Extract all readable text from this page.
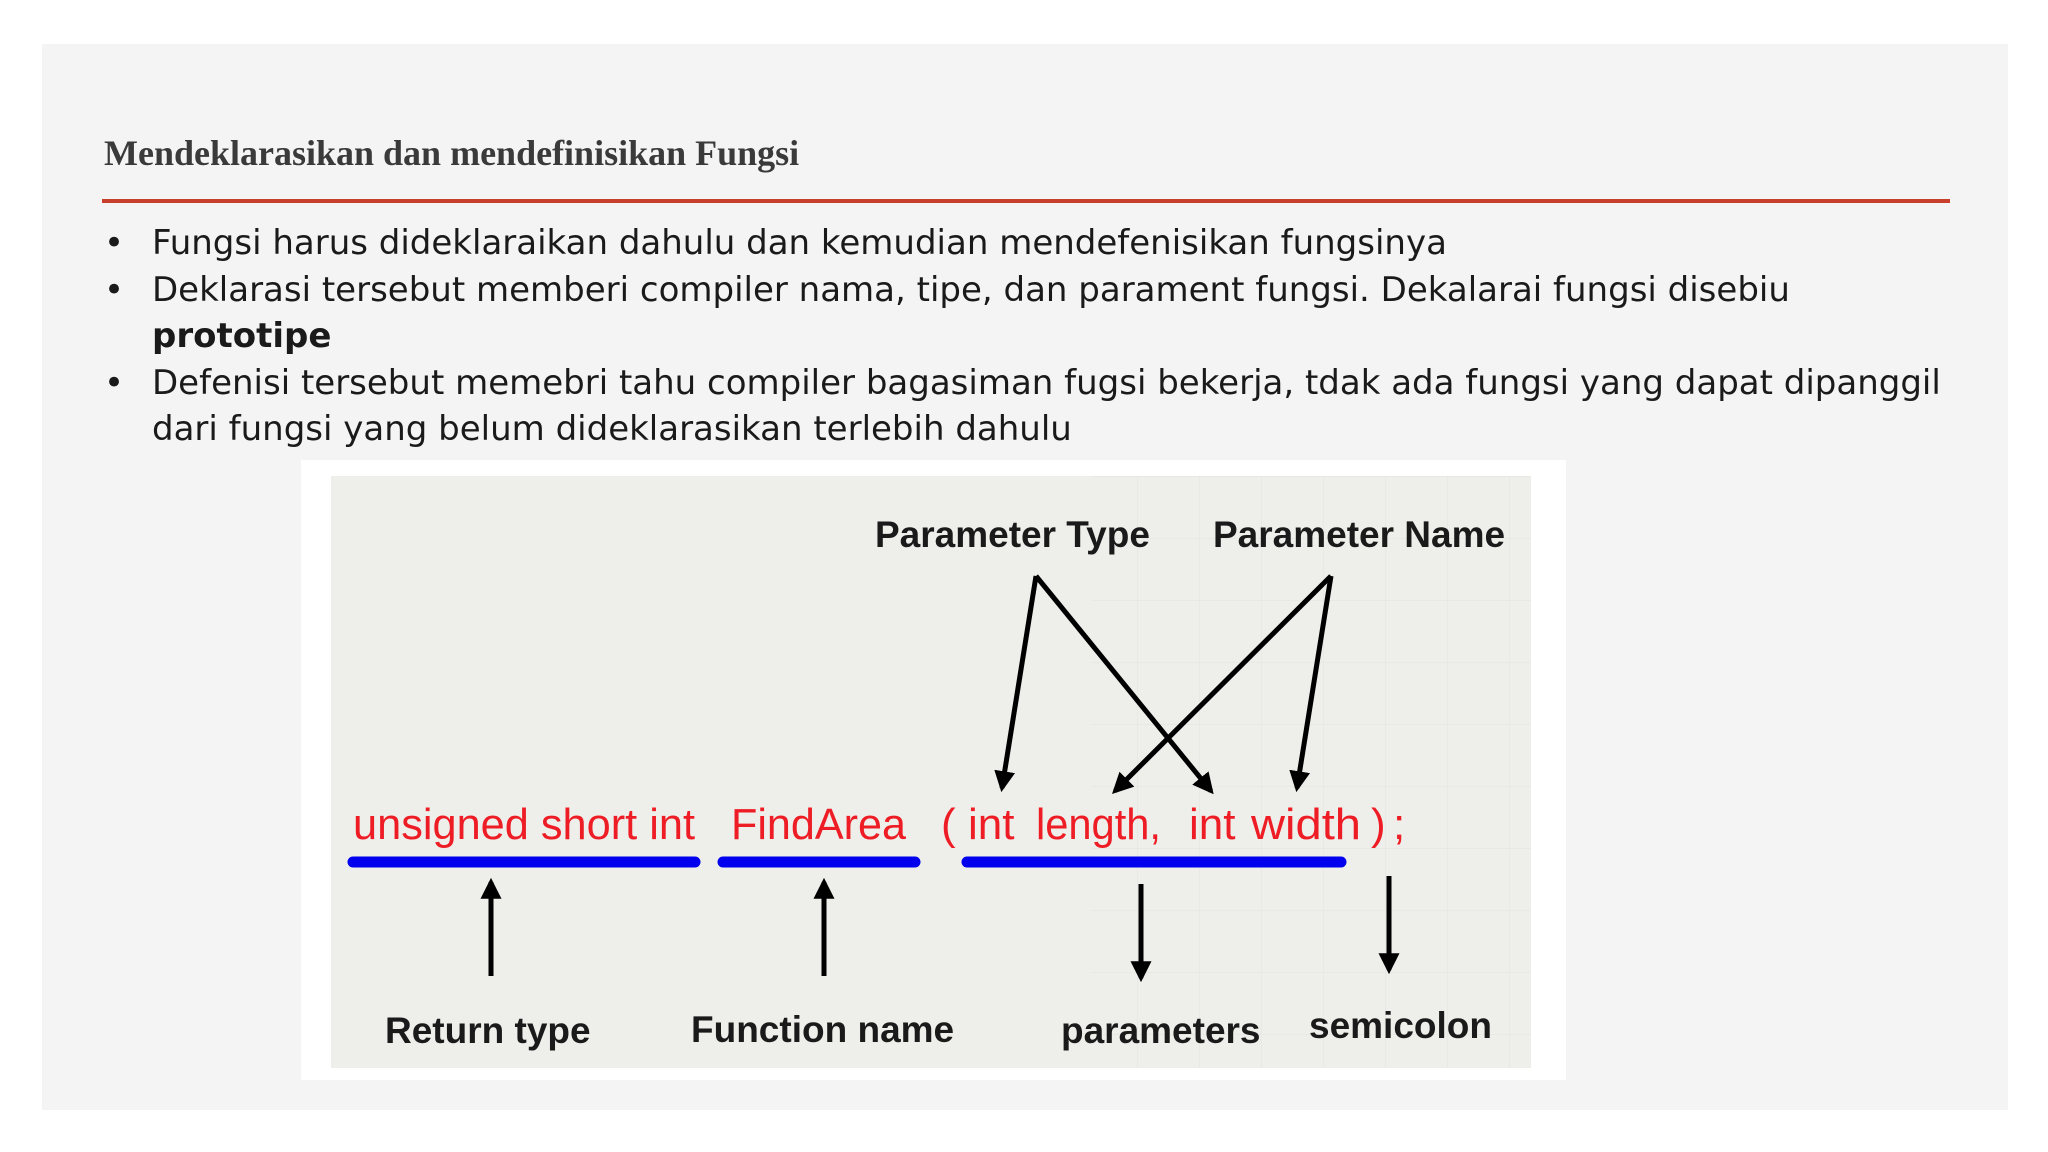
Mendeklarasikan dan mendefinisikan Fungsi
• Fungsi harus dideklaraikan dahulu dan kemudian mendefenisikan fungsinya
• Deklarasi tersebut memberi compiler nama, tipe, dan parament fungsi. Dekalarai fungsi disebiu prototipe
• Defenisi tersebut memebri tahu compiler bagasiman fugsi bekerja, tdak ada fungsi yang dapat dipanggil dari fungsi yang belum dideklarasikan terlebih dahulu
Parameter Type Parameter Name
unsigned short int FindArea ( int length, int width ) ;
Return type	Function name	parameters semicolon
